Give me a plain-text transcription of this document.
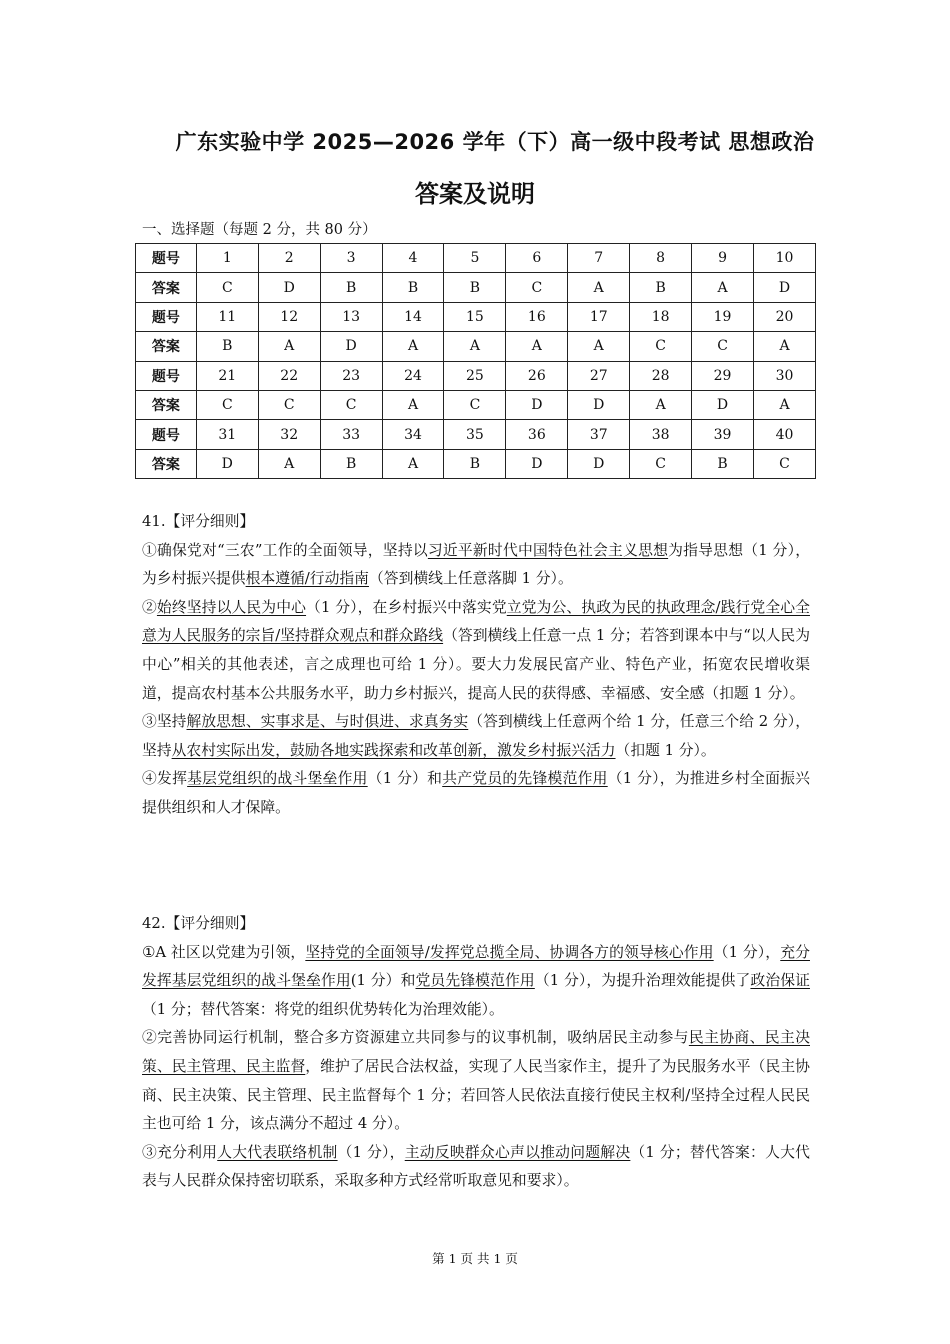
广东实验中学 2025—2026 学年（下）高一级中段考试 思想政治
答案及说明
一、选择题（每题 2 分，共 80 分）
题号	1	2	3	4	5	6	7	8	9	10
答案	C	D	B	B	B	C	A	B	A	D
题号	11	12	13	14	15	16	17	18	19	20
答案	B	A	D	A	A	A	A	C	C	A
题号	21	22	23	24	25	26	27	28	29	30
答案	C	C	C	A	C	D	D	A	D	A
题号	31	32	33	34	35	36	37	38	39	40
答案	D	A	B	A	B	D	D	C	B	C
41.【评分细则】

①确保党对“三农”工作的全面领导，坚持以习近平新时代中国特色社会主义思想为指导思想（1 分），为乡村振兴提供根本遵循/行动指南（答到横线上任意落脚 1 分）。

②始终坚持以人民为中心（1 分），在乡村振兴中落实党立党为公、执政为民的执政理念/践行党全心全意为人民服务的宗旨/坚持群众观点和群众路线（答到横线上任意一点 1 分；若答到课本中与“以人民为中心”相关的其他表述，言之成理也可给 1 分）。要大力发展民富产业、特色产业，拓宽农民增收渠道，提高农村基本公共服务水平，助力乡村振兴，提高人民的获得感、幸福感、安全感（扣题 1 分）。

③坚持解放思想、实事求是、与时俱进、求真务实（答到横线上任意两个给 1 分，任意三个给 2 分），坚持从农村实际出发，鼓励各地实践探索和改革创新，激发乡村振兴活力（扣题 1 分）。

④发挥基层党组织的战斗堡垒作用（1 分）和共产党员的先锋模范作用（1 分），为推进乡村全面振兴提供组织和人才保障。

42.【评分细则】

①A 社区以党建为引领，坚持党的全面领导/发挥党总揽全局、协调各方的领导核心作用（1 分），充分发挥基层党组织的战斗堡垒作用(1 分）和党员先锋模范作用（1 分），为提升治理效能提供了政治保证（1 分；替代答案：将党的组织优势转化为治理效能）。

②完善协同运行机制，整合多方资源建立共同参与的议事机制，吸纳居民主动参与民主协商、民主决策、民主管理、民主监督，维护了居民合法权益，实现了人民当家作主，提升了为民服务水平（民主协商、民主决策、民主管理、民主监督每个 1 分；若回答人民依法直接行使民主权利/坚持全过程人民民主也可给 1 分，该点满分不超过 4 分）。

③充分利用人大代表联络机制（1 分），主动反映群众心声以推动问题解决（1 分；替代答案：人大代表与人民群众保持密切联系，采取多种方式经常听取意见和要求）。

第 1 页 共 1 页
